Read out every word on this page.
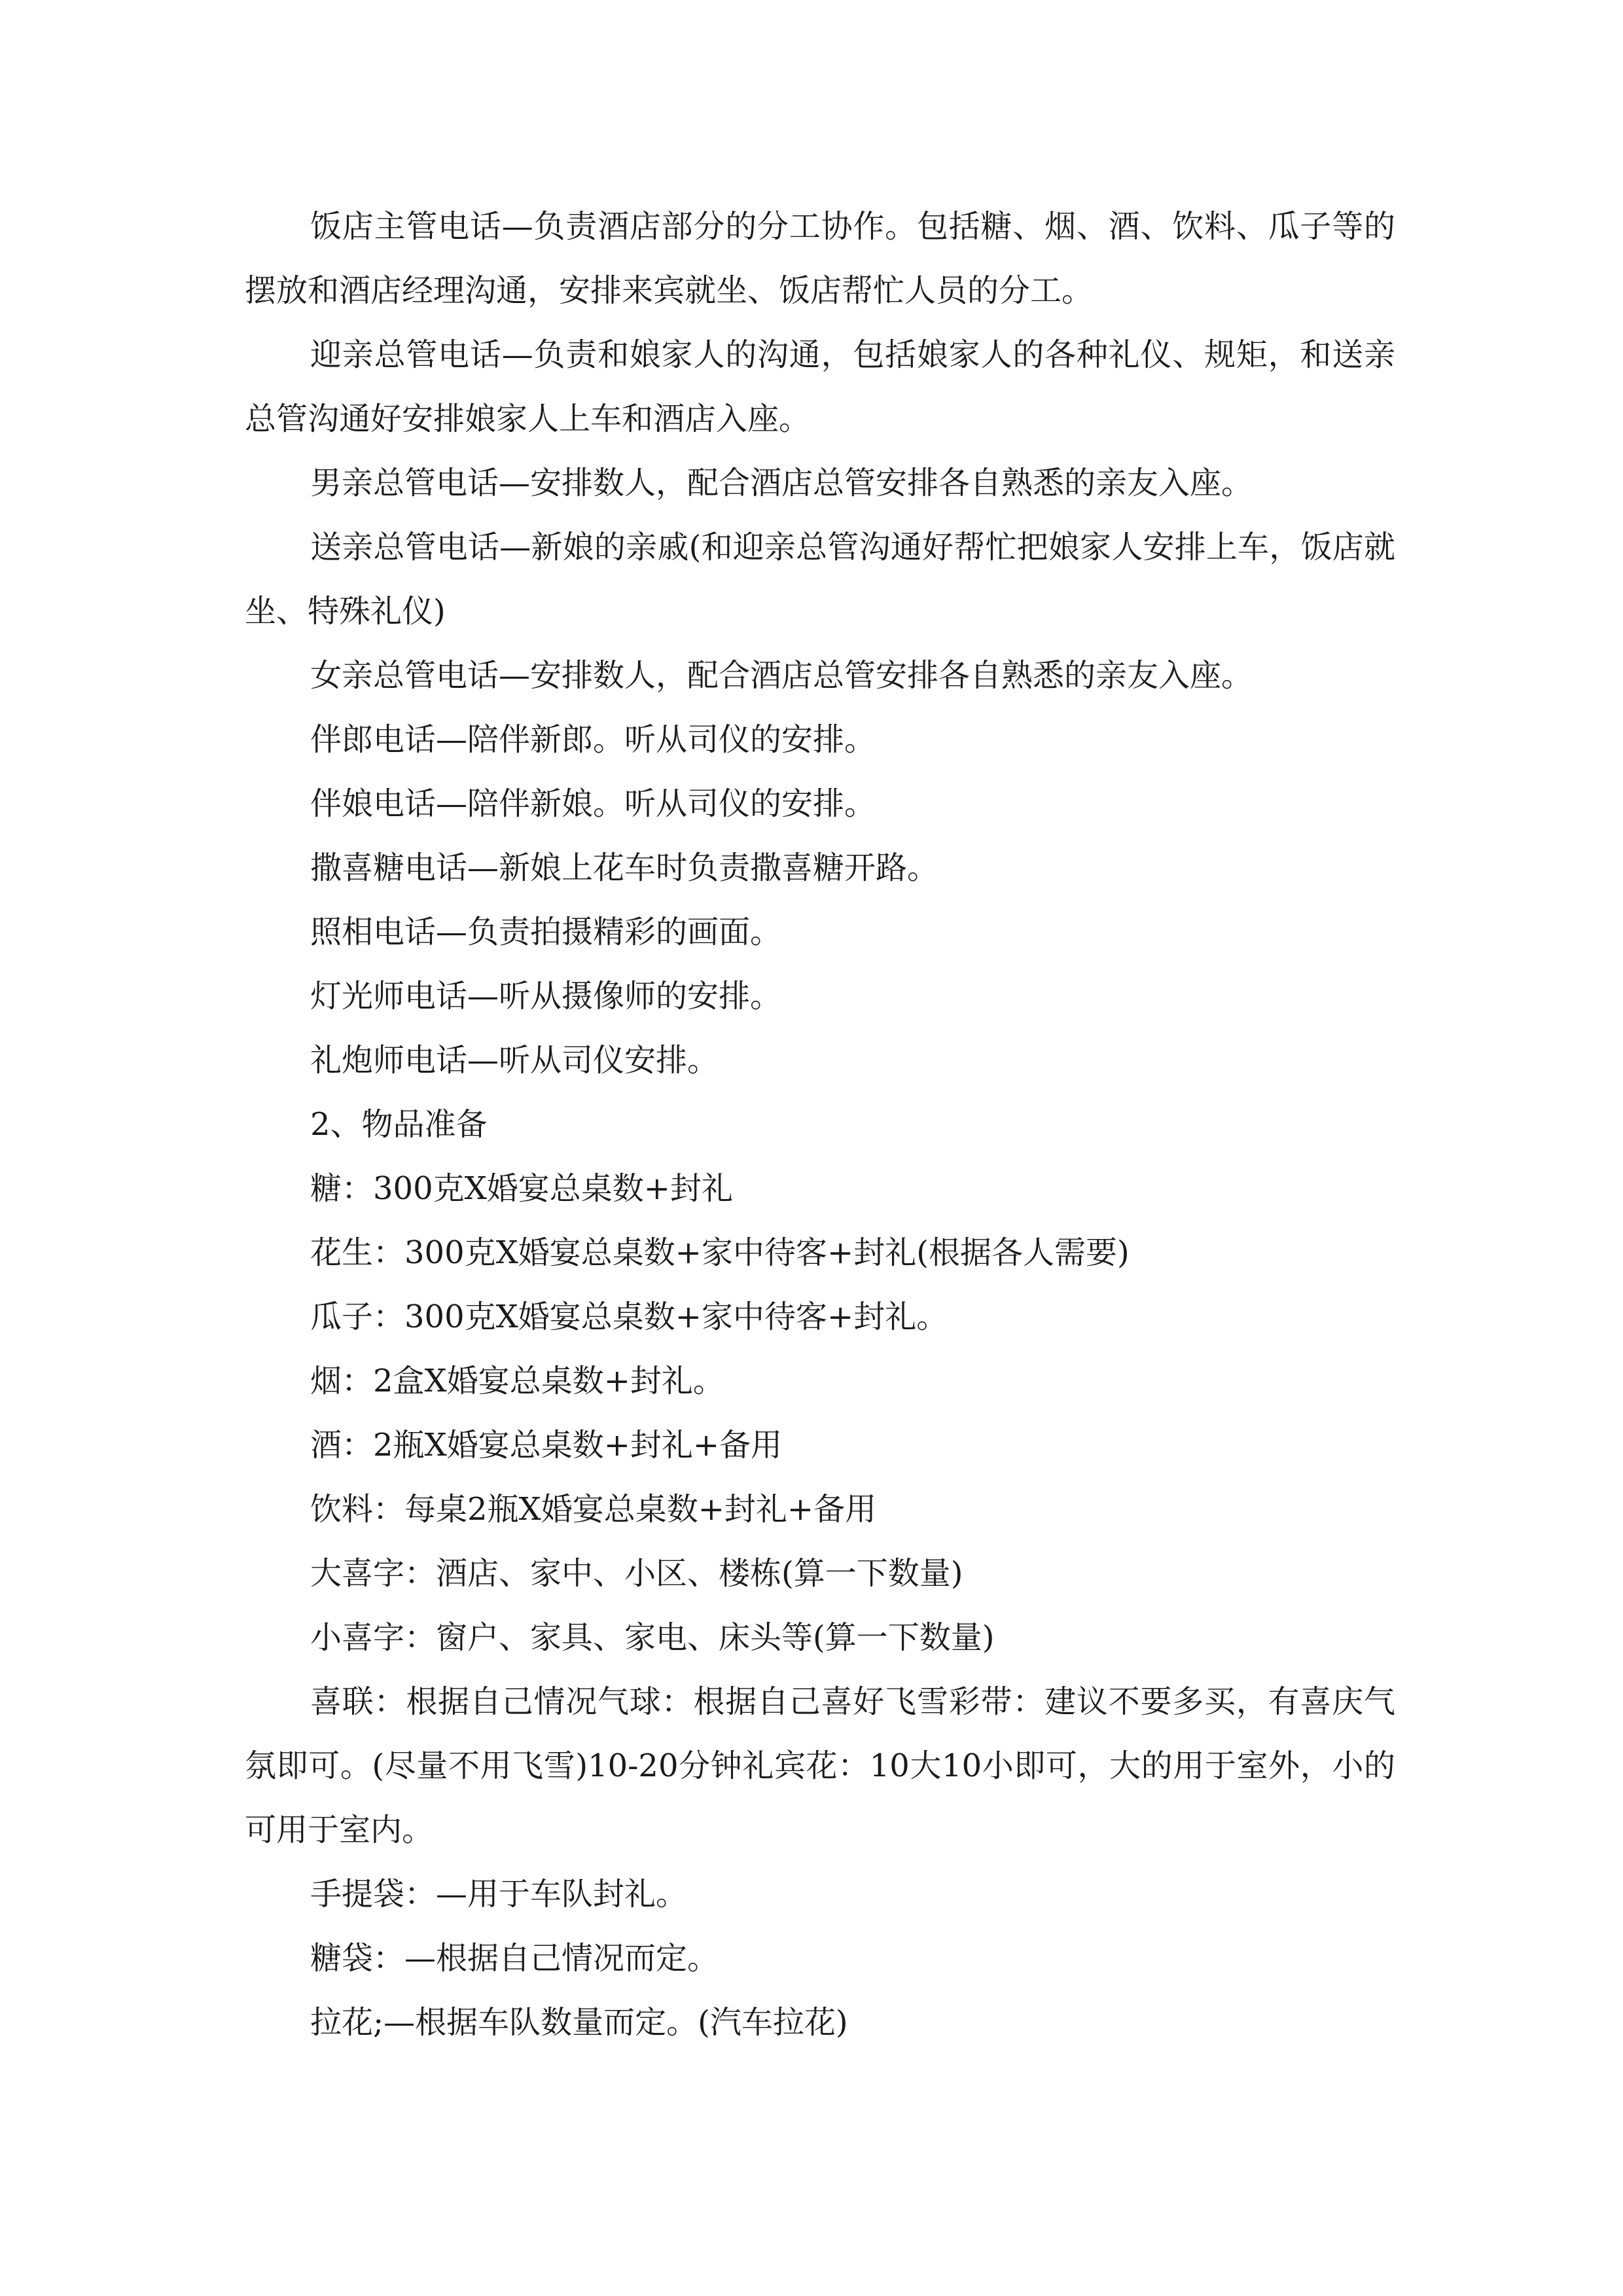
饭店主管电话—负责酒店部分的分工协作。包括糖、烟、酒、饮料、瓜子等的摆放和酒店经理沟通，安排来宾就坐、饭店帮忙人员的分工。

迎亲总管电话—负责和娘家人的沟通，包括娘家人的各种礼仪、规矩，和送亲总管沟通好安排娘家人上车和酒店入座。

男亲总管电话—安排数人，配合酒店总管安排各自熟悉的亲友入座。

送亲总管电话—新娘的亲戚(和迎亲总管沟通好帮忙把娘家人安排上车，饭店就坐、特殊礼仪)

女亲总管电话—安排数人，配合酒店总管安排各自熟悉的亲友入座。

伴郎电话—陪伴新郎。听从司仪的安排。

伴娘电话—陪伴新娘。听从司仪的安排。

撒喜糖电话—新娘上花车时负责撒喜糖开路。

照相电话—负责拍摄精彩的画面。

灯光师电话—听从摄像师的安排。

礼炮师电话—听从司仪安排。

2、物品准备

糖：300克X婚宴总桌数+封礼

花生：300克X婚宴总桌数+家中待客+封礼(根据各人需要)

瓜子：300克X婚宴总桌数+家中待客+封礼。

烟：2盒X婚宴总桌数+封礼。

酒：2瓶X婚宴总桌数+封礼+备用

饮料：每桌2瓶X婚宴总桌数+封礼+备用

大喜字：酒店、家中、小区、楼栋(算一下数量)

小喜字：窗户、家具、家电、床头等(算一下数量)

喜联：根据自己情况气球：根据自己喜好飞雪彩带：建议不要多买，有喜庆气氛即可。(尽量不用飞雪)10-20分钟礼宾花：10大10小即可，大的用于室外，小的可用于室内。

手提袋：—用于车队封礼。

糖袋：—根据自己情况而定。

拉花;—根据车队数量而定。(汽车拉花)
